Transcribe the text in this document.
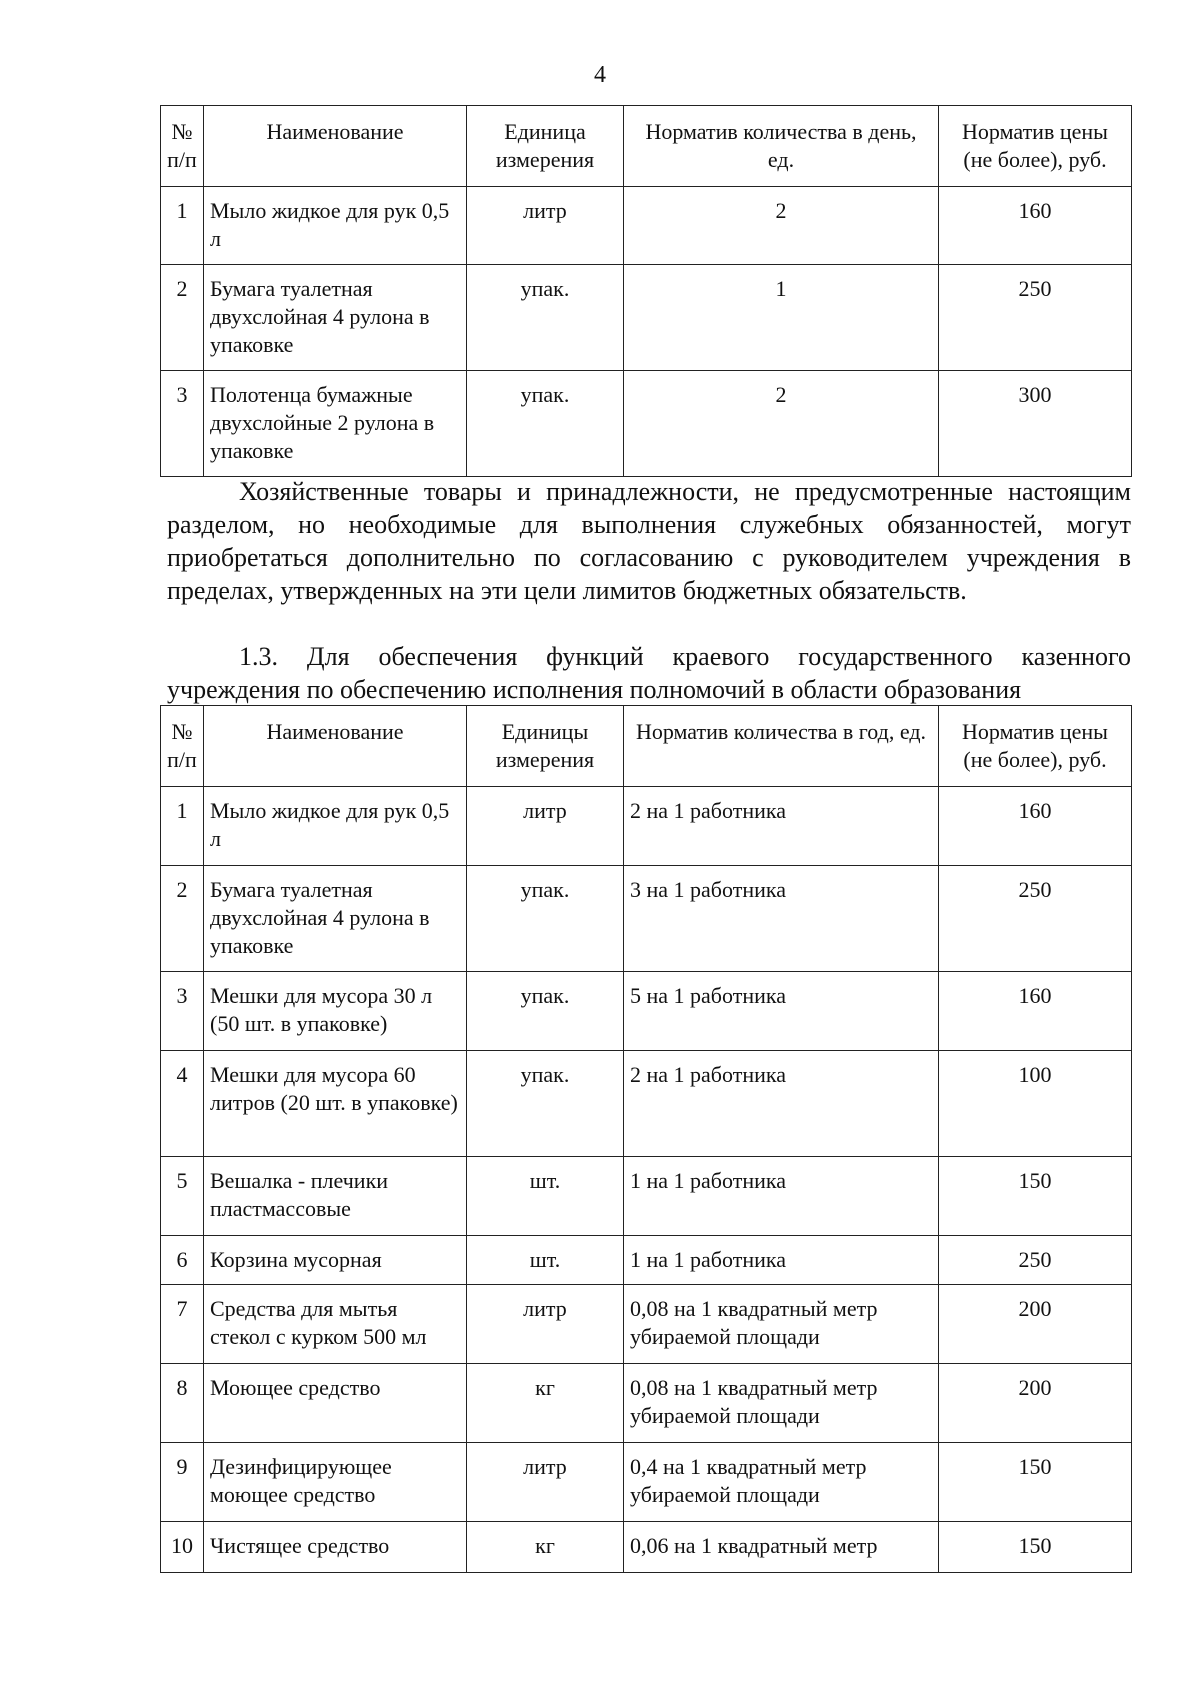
4
№ п/п	Наименование	Единица измерения	Норматив количества в день, ед.	Норматив цены (не более), руб.
1	Мыло жидкое для рук 0,5 л	литр	2	160
2	Бумага туалетная двухслойная 4 рулона в упаковке	упак.	1	250
3	Полотенца бумажные двухслойные 2 рулона в упаковке	упак.	2	300
Хозяйственные товары и принадлежности, не предусмотренные настоящим разделом, но необходимые для выполнения служебных обязанностей, могут приобретаться дополнительно по согласованию с руководителем учреждения в пределах, утвержденных на эти цели лимитов бюджетных обязательств.
1.3. Для обеспечения функций краевого государственного казенного учреждения по обеспечению исполнения полномочий в области образования
№ п/п	Наименование	Единицы измерения	Норматив количества в год, ед.	Норматив цены (не более), руб.
1	Мыло жидкое для рук 0,5 л	литр	2 на 1 работника	160
2	Бумага туалетная двухслойная 4 рулона в упаковке	упак.	3 на 1 работника	250
3	Мешки для мусора 30 л (50 шт. в упаковке)	упак.	5 на 1 работника	160
4	Мешки для мусора 60 литров (20 шт. в упаковке)	упак.	2 на 1 работника	100
5	Вешалка - плечики пластмассовые	шт.	1 на 1 работника	150
6	Корзина мусорная	шт.	1 на 1 работника	250
7	Средства для мытья стекол с курком 500 мл	литр	0,08 на 1 квадратный метр убираемой площади	200
8	Моющее средство	кг	0,08 на 1 квадратный метр убираемой площади	200
9	Дезинфицирующее моющее средство	литр	0,4 на 1 квадратный метр убираемой площади	150
10	Чистящее средство	кг	0,06 на 1 квадратный метр	150
